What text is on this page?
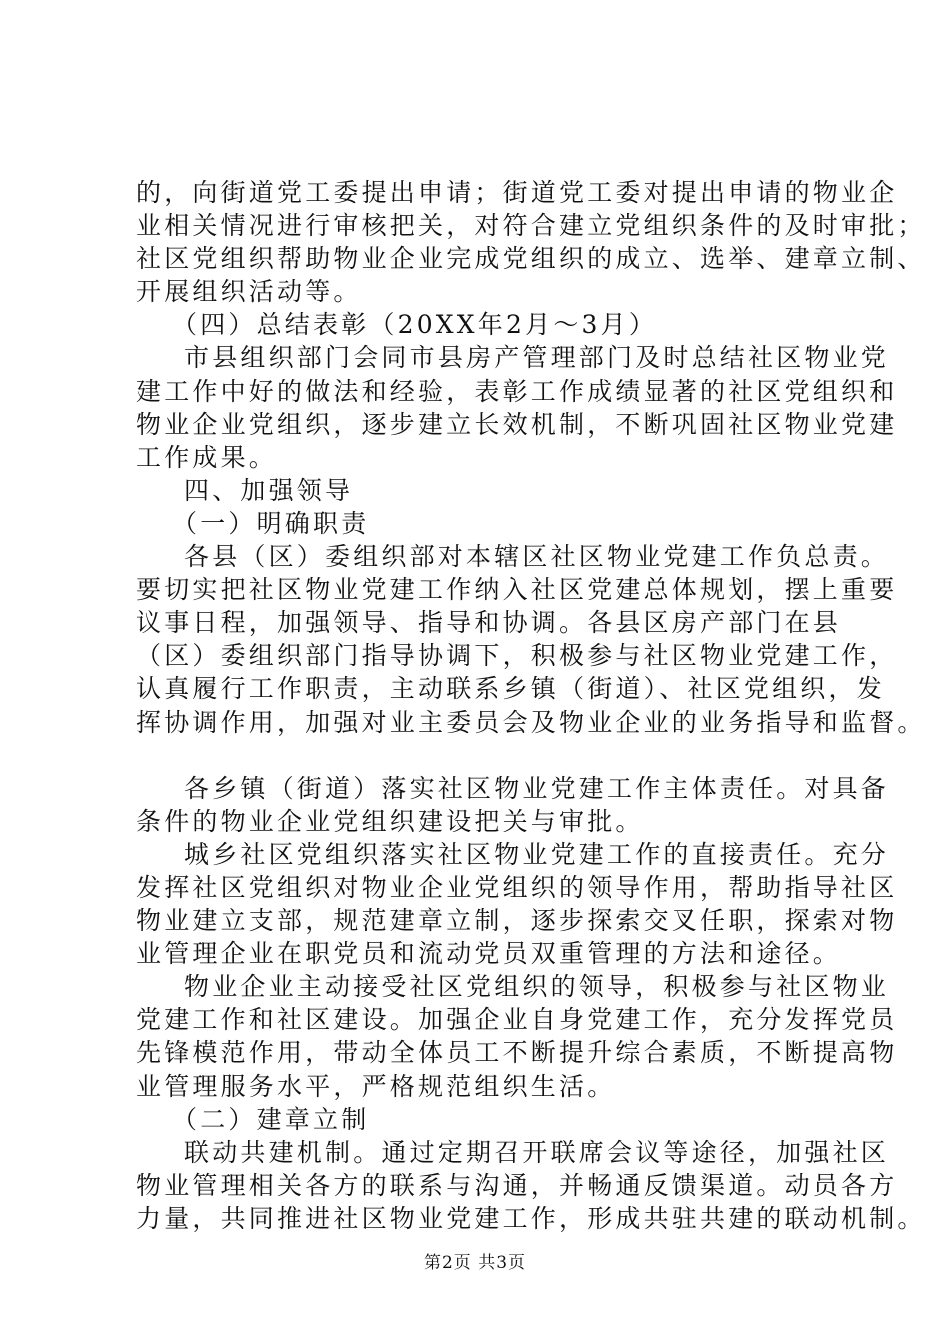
的，向街道党工委提出申请；街道党工委对提出申请的物业企
业相关情况进行审核把关，对符合建立党组织条件的及时审批；
社区党组织帮助物业企业完成党组织的成立、选举、建章立制、
开展组织活动等。
（四）总结表彰（20XX年2月～3月）
市县组织部门会同市县房产管理部门及时总结社区物业党
建工作中好的做法和经验，表彰工作成绩显著的社区党组织和
物业企业党组织，逐步建立长效机制，不断巩固社区物业党建
工作成果。
四、加强领导
（一）明确职责
各县（区）委组织部对本辖区社区物业党建工作负总责。
要切实把社区物业党建工作纳入社区党建总体规划，摆上重要
议事日程，加强领导、指导和协调。各县区房产部门在县
（区）委组织部门指导协调下，积极参与社区物业党建工作，
认真履行工作职责，主动联系乡镇（街道）、社区党组织，发
挥协调作用，加强对业主委员会及物业企业的业务指导和监督。
各乡镇（街道）落实社区物业党建工作主体责任。对具备
条件的物业企业党组织建设把关与审批。
城乡社区党组织落实社区物业党建工作的直接责任。充分
发挥社区党组织对物业企业党组织的领导作用，帮助指导社区
物业建立支部，规范建章立制，逐步探索交叉任职，探索对物
业管理企业在职党员和流动党员双重管理的方法和途径。
物业企业主动接受社区党组织的领导，积极参与社区物业
党建工作和社区建设。加强企业自身党建工作，充分发挥党员
先锋模范作用，带动全体员工不断提升综合素质，不断提高物
业管理服务水平，严格规范组织生活。
（二）建章立制
联动共建机制。通过定期召开联席会议等途径，加强社区
物业管理相关各方的联系与沟通，并畅通反馈渠道。动员各方
力量，共同推进社区物业党建工作，形成共驻共建的联动机制。
第2页 共3页
